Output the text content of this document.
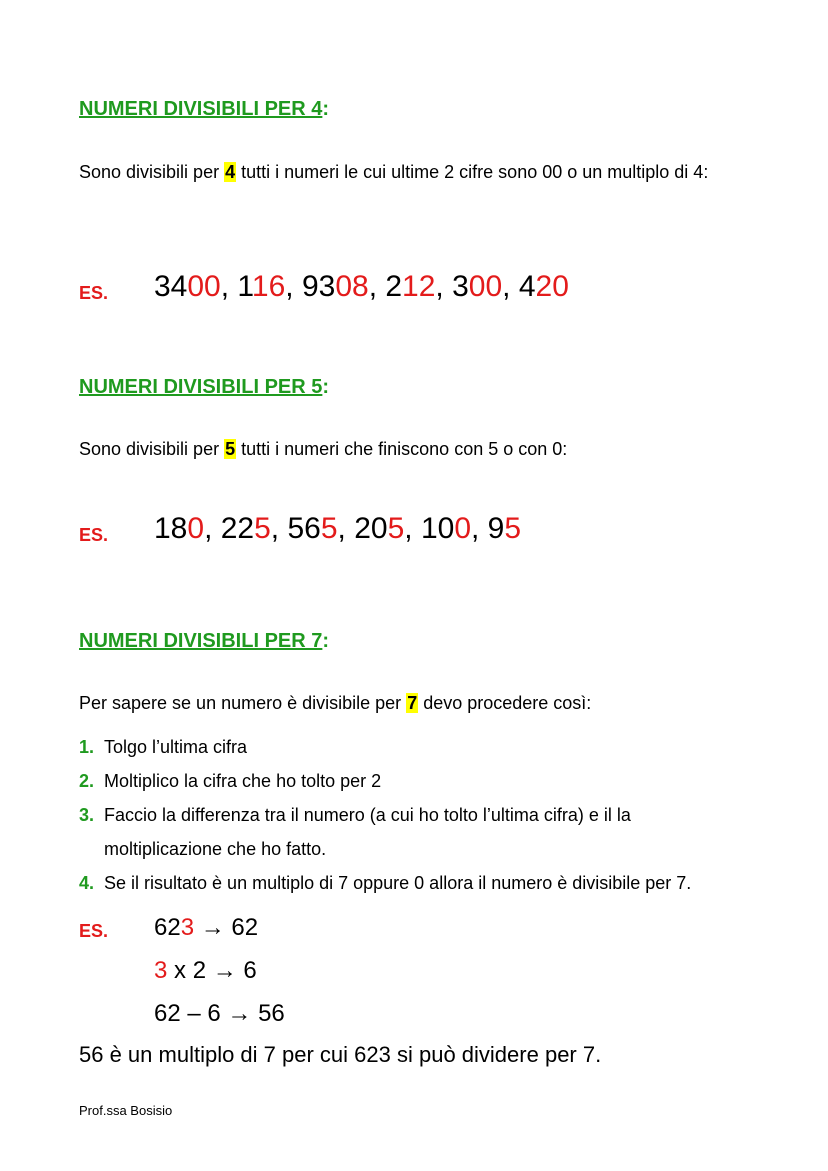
NUMERI DIVISIBILI PER 4:
Sono divisibili per 4 tutti i numeri le cui ultime 2 cifre sono 00 o un multiplo di 4:
ES. 3400, 116, 9308, 212, 300, 420
NUMERI DIVISIBILI PER 5:
Sono divisibili per 5 tutti i numeri che finiscono con 5 o con 0:
ES. 180, 225, 565, 205, 100, 95
NUMERI DIVISIBILI PER 7:
Per sapere se un numero è divisibile per 7 devo procedere così:
1. Tolgo l’ultima cifra
2. Moltiplico la cifra che ho tolto per 2
3. Faccio la differenza tra il numero (a cui ho tolto l’ultima cifra) e il la moltiplicazione che ho fatto.
4. Se il risultato è un multiplo di 7 oppure 0 allora il numero è divisibile per 7.
ES. 623 → 62
3 x 2 → 6
62 – 6 → 56
56 è un multiplo di 7 per cui 623 si può dividere per 7.
Prof.ssa Bosisio
